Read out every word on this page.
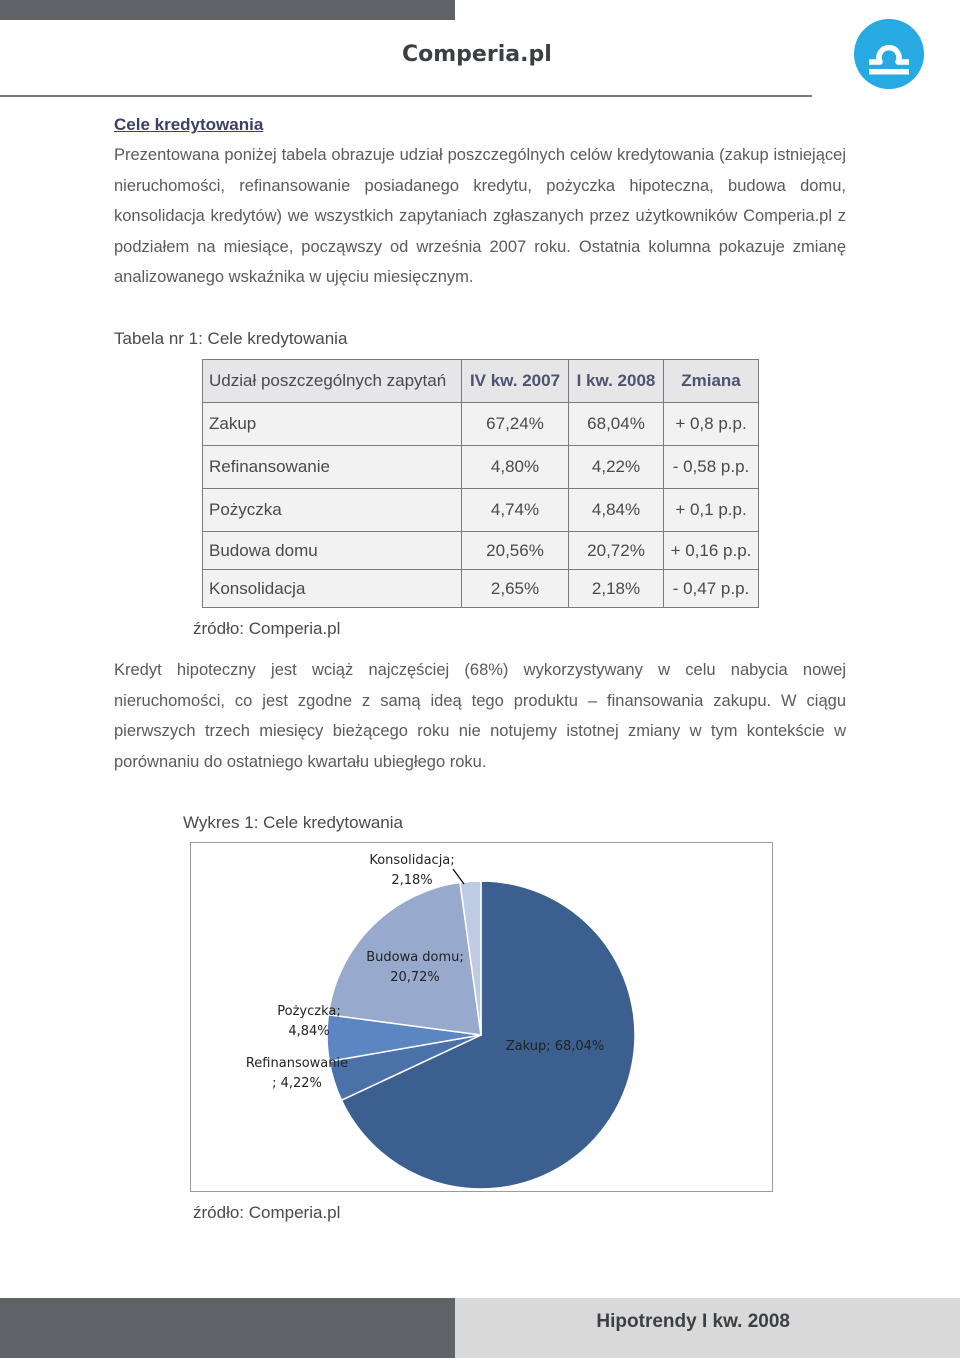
Comperia.pl
Cele kredytowania

Prezentowana poniżej tabela obrazuje udział poszczególnych celów kredytowania (zakup istniejącej nieruchomości, refinansowanie posiadanego kredytu, pożyczka hipoteczna, budowa domu, konsolidacja kredytów) we wszystkich zapytaniach zgłaszanych przez użytkowników Comperia.pl z podziałem na miesiące, począwszy od września 2007 roku. Ostatnia kolumna pokazuje zmianę analizowanego wskaźnika w ujęciu miesięcznym.

Tabela nr 1: Cele kredytowania
Udział poszczególnych zapytań	IV kw. 2007	I kw. 2008	Zmiana
Zakup	67,24%	68,04%	+ 0,8 p.p.
Refinansowanie	4,80%	4,22%	- 0,58 p.p.
Pożyczka	4,74%	4,84%	+ 0,1 p.p.
Budowa domu	20,56%	20,72%	+ 0,16 p.p.
Konsolidacja	2,65%	2,18%	- 0,47 p.p.
źródło: Comperia.pl

Kredyt hipoteczny jest wciąż najczęściej (68%) wykorzystywany w celu nabycia nowej nieruchomości, co jest zgodne z samą ideą tego produktu – finansowania zakupu. W ciągu pierwszych trzech miesięcy bieżącego roku nie notujemy istotnej zmiany w tym kontekście w porównaniu do ostatniego kwartału ubiegłego roku.

Wykres 1: Cele kredytowania
Zakup; 68,04%
Refinansowanie
; 4,22%
Pożyczka;
4,84%
Budowa domu;
20,72%
Konsolidacja;
2,18%
źródło: Comperia.pl
Hipotrendy I kw. 2008
